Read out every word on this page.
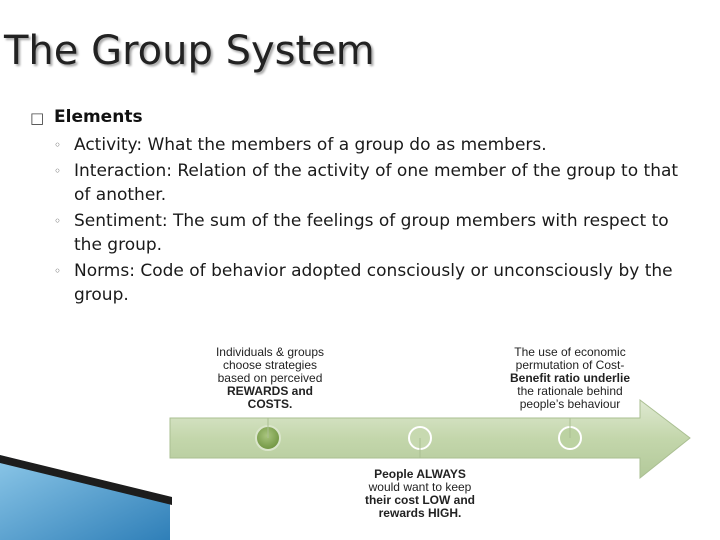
The Group System
□ Elements
◦ Activity: What the members of a group do as members.
◦ Interaction: Relation of the activity of one member of the group to that of another.
◦ Sentiment: The sum of the feelings of group members with respect to the group.
◦ Norms: Code of behavior adopted consciously or unconsciously by the group.
Individuals & groups
choose strategies
based on perceived
REWARDS and
COSTS.
The use of economic
permutation of Cost-
Benefit ratio underlie
the rationale behind
people’s behaviour
People ALWAYS
would want to keep
their cost LOW and
rewards HIGH.
